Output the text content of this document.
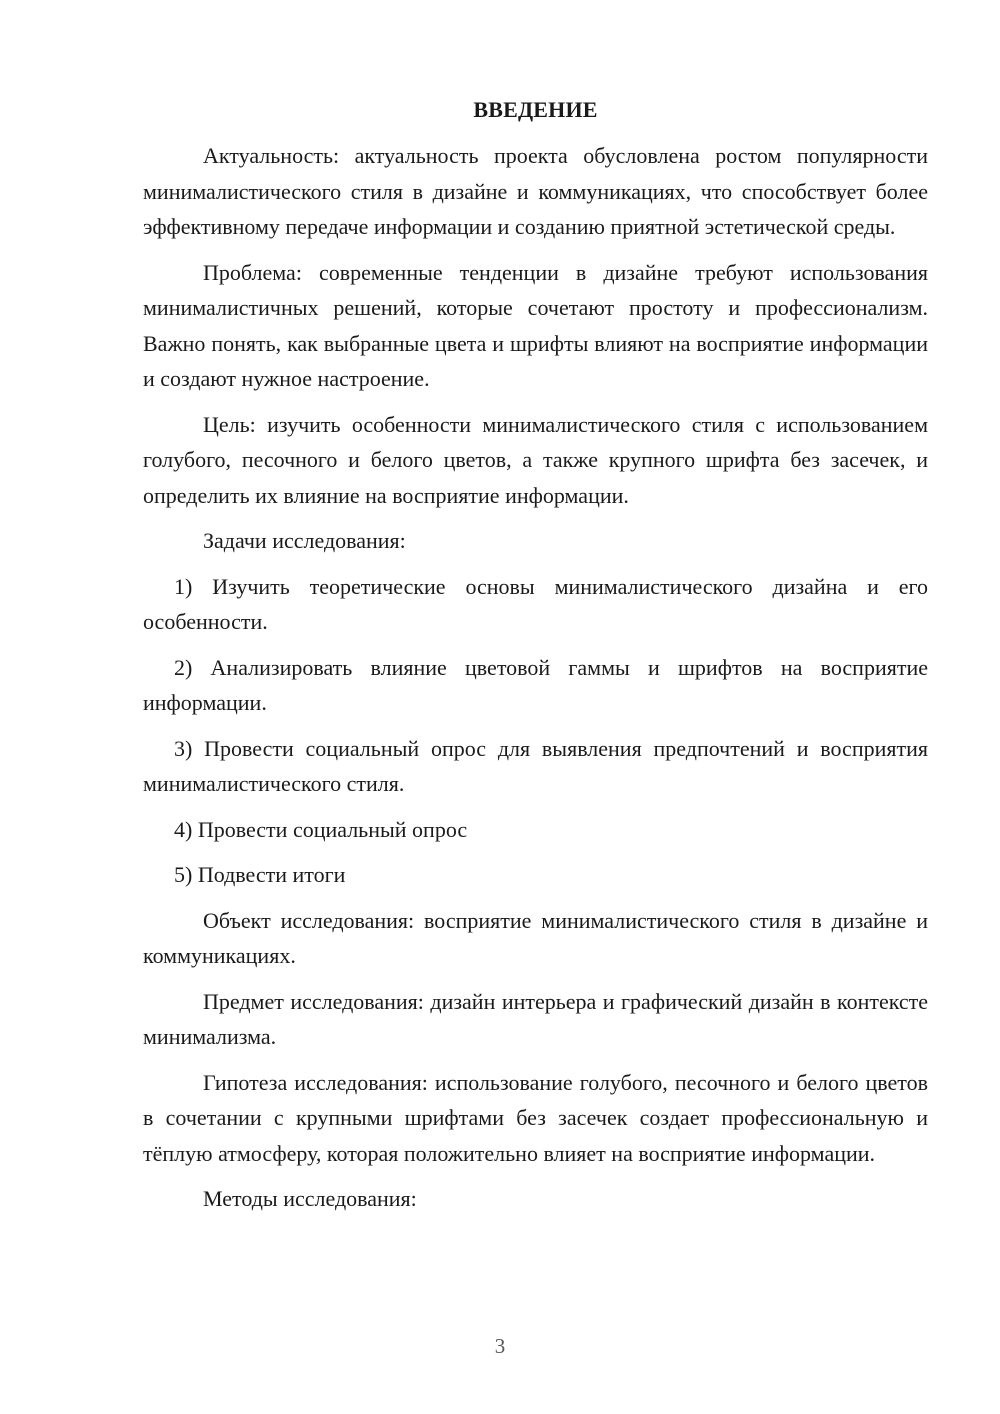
ВВЕДЕНИЕ

Актуальность: актуальность проекта обусловлена ростом популярности минималистического стиля в дизайне и коммуникациях, что способствует более эффективному передаче информации и созданию приятной эстетической среды.

Проблема: современные тенденции в дизайне требуют использования минималистичных решений, которые сочетают простоту и профессионализм. Важно понять, как выбранные цвета и шрифты влияют на восприятие информации и создают нужное настроение.

Цель: изучить особенности минималистического стиля с использованием голубого, песочного и белого цветов, а также крупного шрифта без засечек, и определить их влияние на восприятие информации.

Задачи исследования:

1) Изучить теоретические основы минималистического дизайна и его особенности.

2) Анализировать влияние цветовой гаммы и шрифтов на восприятие информации.

3) Провести социальный опрос для выявления предпочтений и восприятия минималистического стиля.

4) Провести социальный опрос

5) Подвести итоги

Объект исследования: восприятие минималистического стиля в дизайне и коммуникациях.

Предмет исследования: дизайн интерьера и графический дизайн в контексте минимализма.

Гипотеза исследования: использование голубого, песочного и белого цветов в сочетании с крупными шрифтами без засечек создает профессиональную и тёплую атмосферу, которая положительно влияет на восприятие информации.

Методы исследования:

3
